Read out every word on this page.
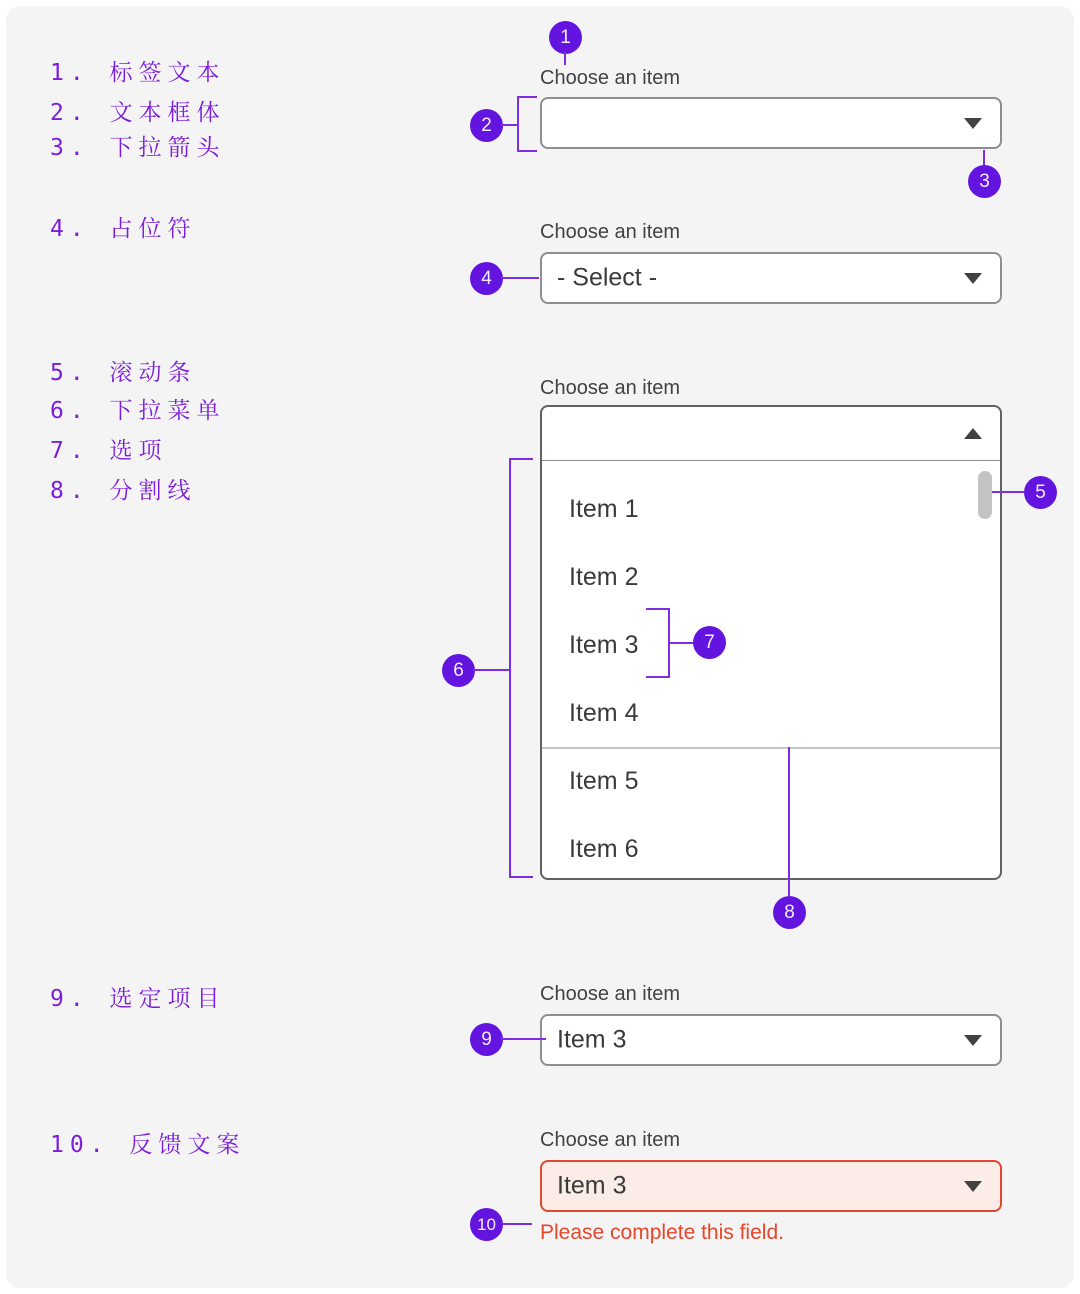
1. 标签文本
2. 文本框体
3. 下拉箭头
4. 占位符
5. 滚动条
6. 下拉菜单
7. 选项
8. 分割线
9. 选定项目
10. 反馈文案
Choose an item
1
2
3
Choose an item
- Select -
4
Choose an item
Item 1
Item 2
Item 3
Item 4
Item 5
Item 6
5
6
7
8
Choose an item
Item 3
9
Choose an item
Item 3
Please complete this field.
10
